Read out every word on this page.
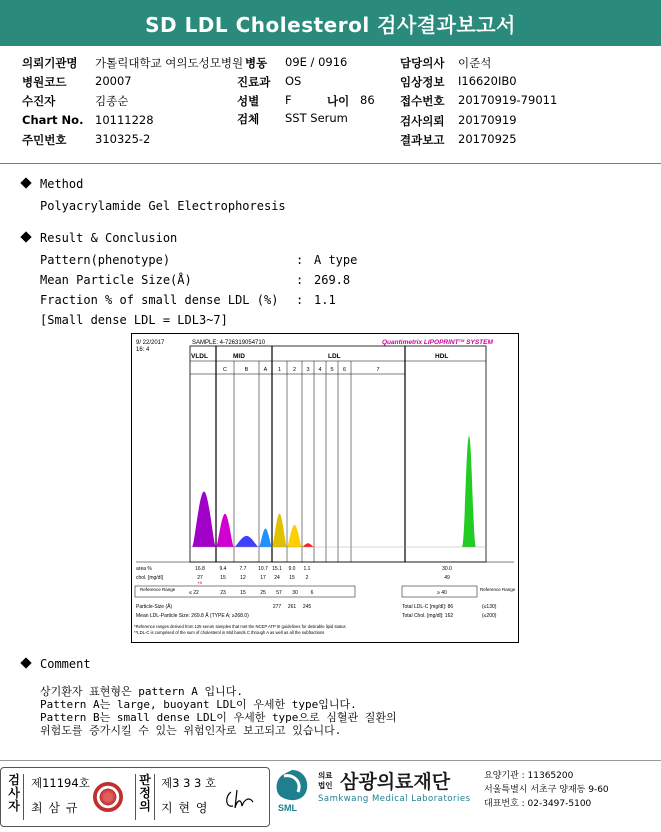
SD LDL Cholesterol 검사결과보고서
의뢰기관명 가톨릭대학교 여의도성모병원 병동 09E / 0916	담당의사 이준석
병원코드 20007	진료과 OS	임상정보 I16620IB0
수진자	김종순	성별 F	나이 86 접수번호 20170919-79011
Chart No. 10111228	검체 SST Serum	검사의뢰 20170919
주민번호 310325-2	결과보고 20170925
Method
Polyacrylamide Gel Electrophoresis
Result & Conclusion
Pattern(phenotype)	: A type
Mean Particle Size(Å)	: 269.8
Fraction % of small dense LDL (%) : 1.1
[Small dense LDL = LDL3~7]
9/ 22/2017
16: 4
SAMPLE: 4-726319054710	Quantimetrix LIPOPRINT™ SYSTEM
VLDL	MID	LDL	HDL
C	B	A 1 2 3 4 5 6	7
area %	16.8	9.4	7.7 10.7 15.1 9.0 1.1	30.0
chol. [mg/dl]	27	15	12	17 24 15 2	49
HI
Reference Range
≤ 22	23	15	25 57 30	6	≥ 40
Reference Range
277 261 245
Particle-Size (Å)
Mean LDL-Particle Size: 269.8 Å (TYPE A; ≥268.0)
Total LDL-C [mg/dl]: 86	(≤130)
Total Chol. [mg/dl]: 162	(≤200)
*Reference ranges derived from 125 serum samples that met the NCEP ATP III guidelines for desirable lipid status
**LDL-C is comprised of the sum of cholesterol in Mid bands C through A as well as all the subfractions
Comment
상기환자 표현형은 pattern A 입니다.
Pattern A는 large, buoyant LDL이 우세한 type입니다.
Pattern B는 small dense LDL이 우세한 type으로 심혈관 질환의
위험도를 증가시킬 수 있는 위험인자로 보고되고 있습니다.
검사자
제11194호
최 삼 규
판정의
제3 3 3 호
지 현 영	SML
의료
법인 삼광의료재단
Samkwang Medical Laboratories
요양기관 : 11365200
서울특별시 서초구 양재동 9-60
대표번호 : 02-3497-5100
